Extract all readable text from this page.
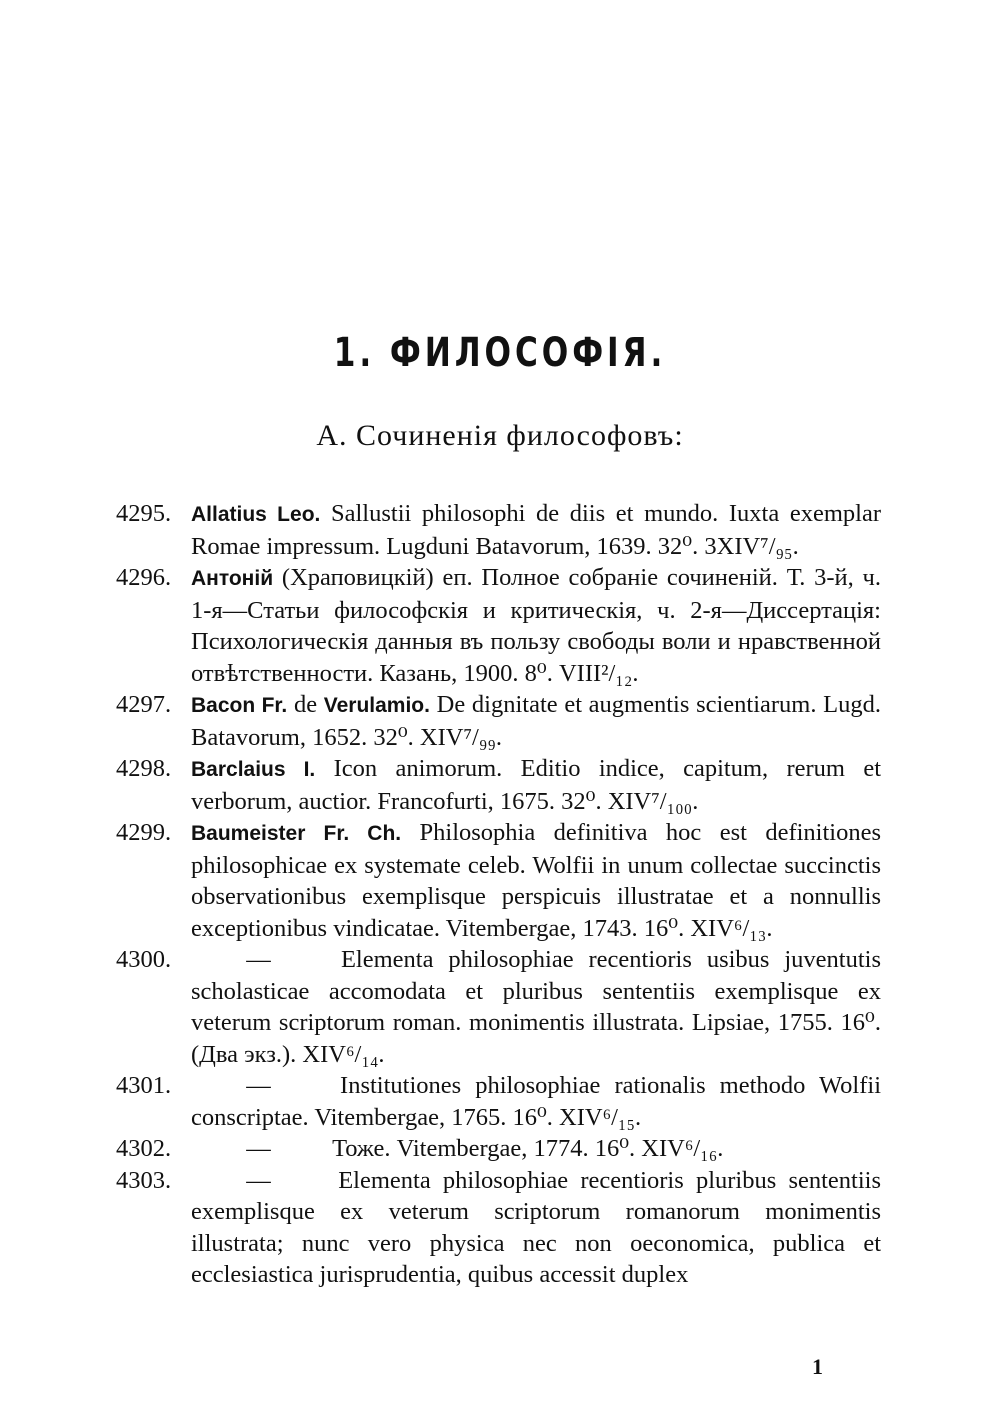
1. ФИЛОСОФІЯ.
А. Сочиненія философовъ:
4295. Allatius Leo. Sallustii philosophi de diis et mundo. Iuxta exemplar Romae impressum. Lugduni Batavorum, 1639. 32⁰. 3XIV⁷/₉₅.
4296. Антоній (Храповицкій) еп. Полное собраніе сочиненій. Т. 3-й, ч. 1-я—Статьи философскія и критическія, ч. 2-я—Диссертація: Психологическія данныя въ пользу свободы воли и нравственной отвѣтственности. Казань, 1900. 8⁰. VIII²/₁₂.
4297. Bacon Fr. de Verulamio. De dignitate et augmentis scientiarum. Lugd. Batavorum, 1652. 32⁰. XIV⁷/₉₉.
4298. Barclaius I. Icon animorum. Editio indice, capitum, rerum et verborum, auctior. Francofurti, 1675. 32⁰. XIV⁷/₁₀₀.
4299. Baumeister Fr. Ch. Philosophia definitiva hoc est definitiones philosophicae ex systemate celeb. Wolfii in unum collectae succinctis observationibus exemplisque perspicuis illustratae et a nonnullis exceptionibus vindicatae. Vitembergae, 1743. 16⁰. XIV⁶/₁₃.
4300.	—	Elementa philosophiae recentioris usibus juventutis scholasticae accomodata et pluribus sententiis exemplisque ex veterum scriptorum roman. monimentis illustrata. Lipsiae, 1755. 16⁰. (Два экз.). XIV⁶/₁₄.
4301.	—	Institutiones philosophiae rationalis methodo Wolfii conscriptae. Vitembergae, 1765. 16⁰. XIV⁶/₁₅.
4302.	—	Тоже. Vitembergae, 1774. 16⁰. XIV⁶/₁₆.
4303.	—	Elementa philosophiae recentioris pluribus sententiis exemplisque ex veterum scriptorum romanorum monimentis illustrata; nunc vero physica nec non oeconomica, publica et ecclesiastica jurisprudentia, quibus accessit duplex
1
